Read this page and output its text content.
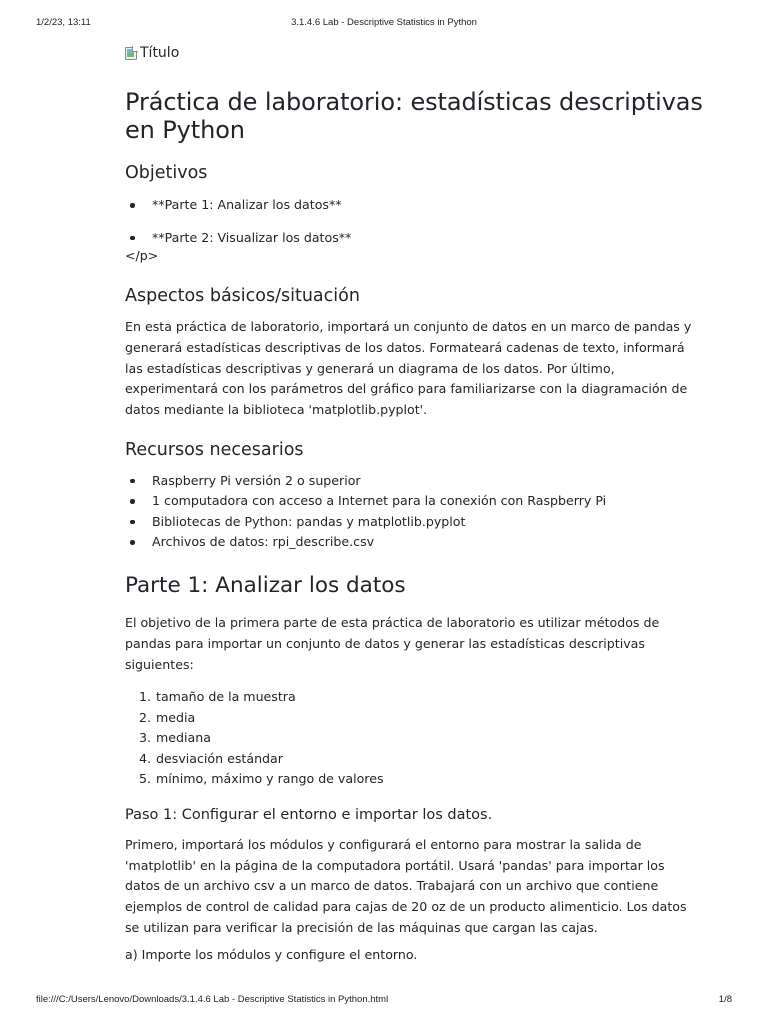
1/2/23, 13:11	3.1.4.6 Lab - Descriptive Statistics in Python
Título
Práctica de laboratorio: estadísticas descriptivas en Python
Objetivos
**Parte 1: Analizar los datos**
**Parte 2: Visualizar los datos**
</p>
Aspectos básicos/situación

En esta práctica de laboratorio, importará un conjunto de datos en un marco de pandas y generará estadísticas descriptivas de los datos. Formateará cadenas de texto, informará las estadísticas descriptivas y generará un diagrama de los datos. Por último, experimentará con los parámetros del gráfico para familiarizarse con la diagramación de datos mediante la biblioteca 'matplotlib.pyplot'.

Recursos necesarios
Raspberry Pi versión 2 o superior
1 computadora con acceso a Internet para la conexión con Raspberry Pi
Bibliotecas de Python: pandas y matplotlib.pyplot
Archivos de datos: rpi_describe.csv
Parte 1: Analizar los datos

El objetivo de la primera parte de esta práctica de laboratorio es utilizar métodos de pandas para importar un conjunto de datos y generar las estadísticas descriptivas siguientes:

1. tamaño de la muestra
2. media
3. mediana
4. desviación estándar
5. mínimo, máximo y rango de valores
Paso 1: Configurar el entorno e importar los datos.

Primero, importará los módulos y configurará el entorno para mostrar la salida de 'matplotlib' en la página de la computadora portátil. Usará 'pandas' para importar los datos de un archivo csv a un marco de datos. Trabajará con un archivo que contiene ejemplos de control de calidad para cajas de 20 oz de un producto alimenticio. Los datos se utilizan para verificar la precisión de las máquinas que cargan las cajas.

a) Importe los módulos y configure el entorno.

file:///C:/Users/Lenovo/Downloads/3.1.4.6 Lab - Descriptive Statistics in Python.html	1/8
